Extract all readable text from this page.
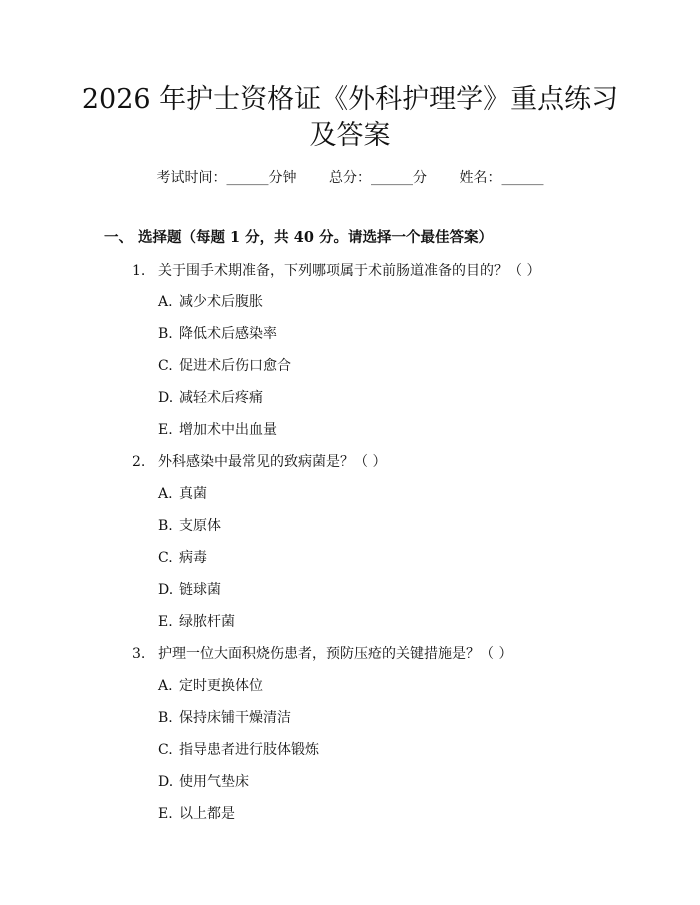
2026 年护士资格证《外科护理学》重点练习
及答案
考试时间：______分钟 总分：______分 姓名：______
一、 选择题（每题 1 分，共 40 分。请选择一个最佳答案）
1. 关于围手术期准备，下列哪项属于术前肠道准备的目的？（ ）
A. 减少术后腹胀
B. 降低术后感染率
C. 促进术后伤口愈合
D. 减轻术后疼痛
E. 增加术中出血量
2. 外科感染中最常见的致病菌是？（ ）
A. 真菌
B. 支原体
C. 病毒
D. 链球菌
E. 绿脓杆菌
3. 护理一位大面积烧伤患者，预防压疮的关键措施是？（ ）
A. 定时更换体位
B. 保持床铺干燥清洁
C. 指导患者进行肢体锻炼
D. 使用气垫床
E. 以上都是
